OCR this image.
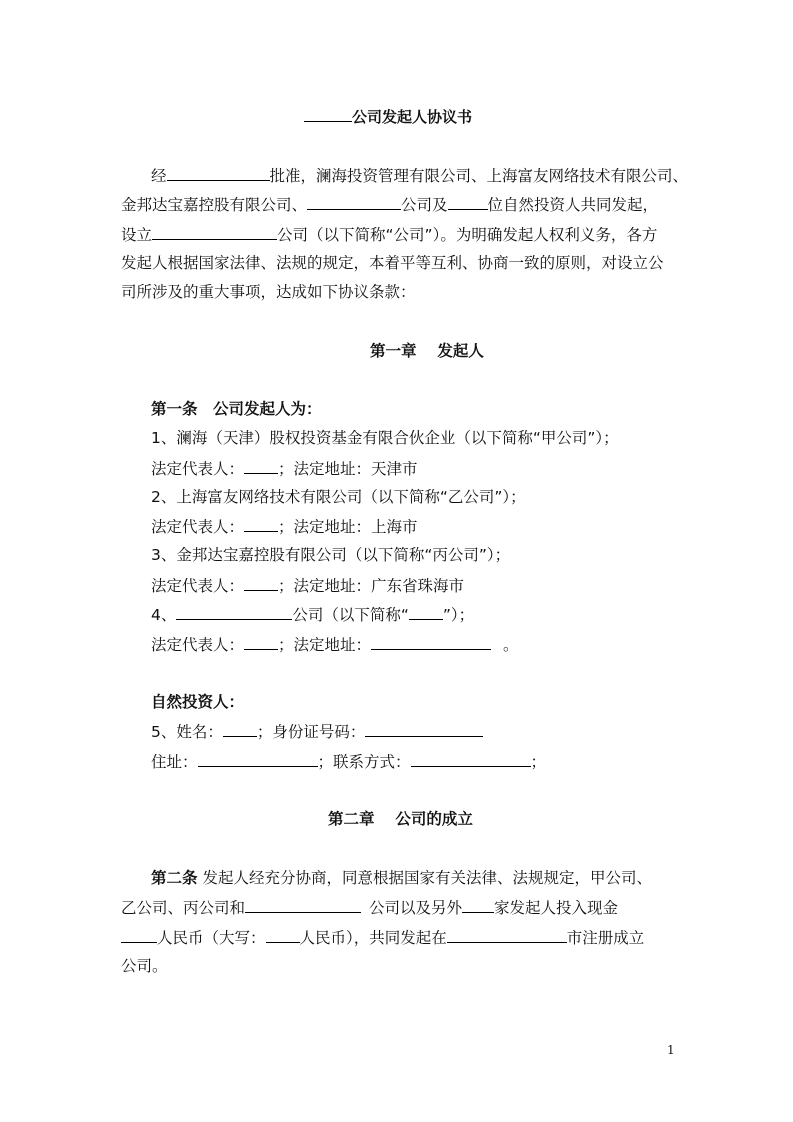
公司发起人协议书
经	批准，澜海投资管理有限公司、上海富友网络技术有限公司、
金邦达宝嘉控股有限公司、	公司及	位自然投资人共同发起，
设立	公司（以下简称“公司”）。为明确发起人权利义务，各方
发起人根据国家法律、法规的规定，本着平等互利、协商一致的原则，对设立公
司所涉及的重大事项，达成如下协议条款：
第一章　 发起人
第一条　公司发起人为：
1、澜海（天津）股权投资基金有限合伙企业（以下简称“甲公司”）；
法定代表人： ；法定地址：天津市
2、上海富友网络技术有限公司（以下简称“乙公司”）；
法定代表人： ；法定地址：上海市
3、金邦达宝嘉控股有限公司（以下简称“丙公司”）；
法定代表人： ；法定地址：广东省珠海市
4、	公司（以下简称“ ”）；
法定代表人： ；法定地址：	。
自然投资人：
5、姓名： ；身份证号码：
住址：	；联系方式：	；
第二章　 公司的成立
第二条 发起人经充分协商，同意根据国家有关法律、法规规定，甲公司、
乙公司、丙公司和	公司以及另外 家发起人投入现金
人民币（大写： 人民币），共同发起在	市注册成立
公司。
1
